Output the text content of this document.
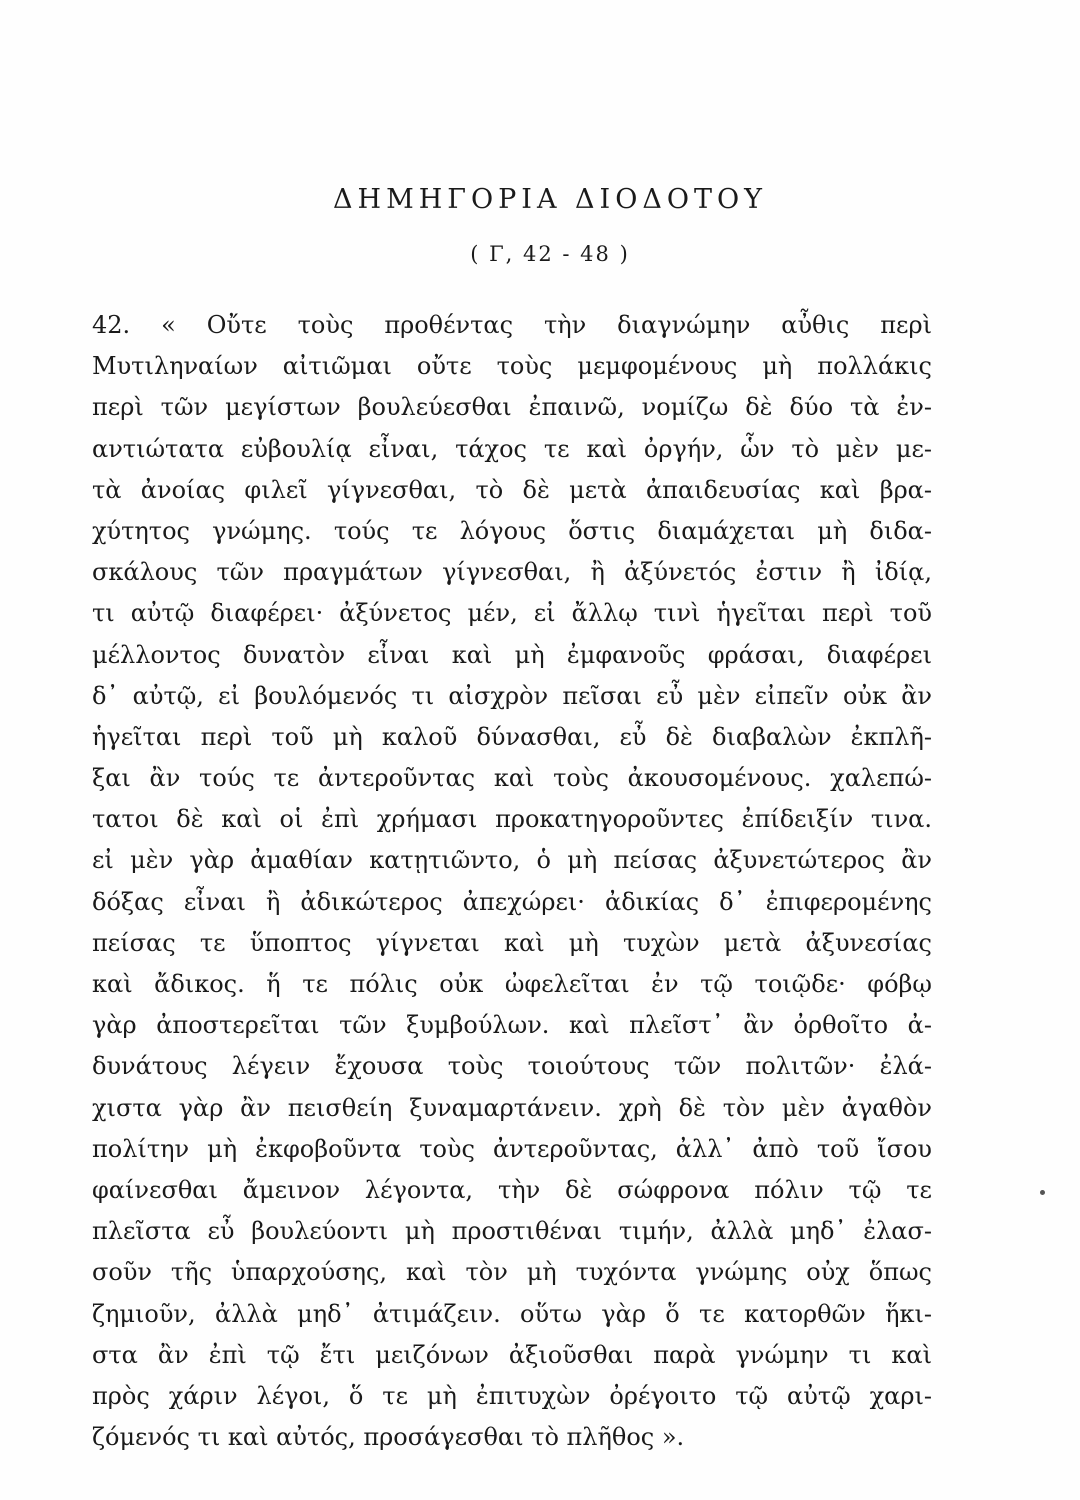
ΔΗΜΗΓΟΡΙΑ ΔΙΟΔΟΤΟΥ
( Γ, 42 - 48 )
42. « Οὔτε τοὺς προθέντας τὴν διαγνώμην αὖθις περὶ
Μυτιληναίων αἰτιῶμαι οὔτε τοὺς μεμφομένους μὴ πολλάκις
περὶ τῶν μεγίστων βουλεύεσθαι ἐπαινῶ, νομίζω δὲ δύο τὰ ἐν-
αντιώτατα εὐβουλίᾳ εἶναι, τάχος τε καὶ ὀργήν, ὧν τὸ μὲν με-
τὰ ἀνοίας φιλεῖ γίγνεσθαι, τὸ δὲ μετὰ ἀπαιδευσίας καὶ βρα-
χύτητος γνώμης. τούς τε λόγους ὅστις διαμάχεται μὴ διδα-
σκάλους τῶν πραγμάτων γίγνεσθαι, ἢ ἀξύνετός ἐστιν ἢ ἰδίᾳ,
τι αὐτῷ διαφέρει· ἀξύνετος μέν, εἰ ἄλλῳ τινὶ ἡγεῖται περὶ τοῦ
μέλλοντος δυνατὸν εἶναι καὶ μὴ ἐμφανοῦς φράσαι, διαφέρει
δ᾿ αὐτῷ, εἰ βουλόμενός τι αἰσχρὸν πεῖσαι εὖ μὲν εἰπεῖν οὐκ ἂν
ἡγεῖται περὶ τοῦ μὴ καλοῦ δύνασθαι, εὖ δὲ διαβαλὼν ἐκπλῆ-
ξαι ἂν τούς τε ἀντεροῦντας καὶ τοὺς ἀκουσομένους. χαλεπώ-
τατοι δὲ καὶ οἱ ἐπὶ χρήμασι προκατηγοροῦντες ἐπίδειξίν τινα.
εἰ μὲν γὰρ ἀμαθίαν κατῃτιῶντο, ὁ μὴ πείσας ἀξυνετώτερος ἂν
δόξας εἶναι ἢ ἀδικώτερος ἀπεχώρει· ἀδικίας δ᾿ ἐπιφερομένης
πείσας τε ὕποπτος γίγνεται καὶ μὴ τυχὼν μετὰ ἀξυνεσίας
καὶ ἄδικος. ἥ τε πόλις οὐκ ὠφελεῖται ἐν τῷ τοιῷδε· φόβῳ
γὰρ ἀποστερεῖται τῶν ξυμβούλων. καὶ πλεῖστ᾿ ἂν ὀρθοῖτο ἀ-
δυνάτους λέγειν ἔχουσα τοὺς τοιούτους τῶν πολιτῶν· ἐλά-
χιστα γὰρ ἂν πεισθείη ξυναμαρτάνειν. χρὴ δὲ τὸν μὲν ἀγαθὸν
πολίτην μὴ ἐκφοβοῦντα τοὺς ἀντεροῦντας, ἀλλ᾿ ἀπὸ τοῦ ἴσου
φαίνεσθαι ἄμεινον λέγοντα, τὴν δὲ σώφρονα πόλιν τῷ τε
πλεῖστα εὖ βουλεύοντι μὴ προστιθέναι τιμήν, ἀλλὰ μηδ᾿ ἐλασ-
σοῦν τῆς ὑπαρχούσης, καὶ τὸν μὴ τυχόντα γνώμης οὐχ ὅπως
ζημιοῦν, ἀλλὰ μηδ᾿ ἀτιμάζειν. οὕτω γὰρ ὅ τε κατορθῶν ἥκι-
στα ἂν ἐπὶ τῷ ἔτι μειζόνων ἀξιοῦσθαι παρὰ γνώμην τι καὶ
πρὸς χάριν λέγοι, ὅ τε μὴ ἐπιτυχὼν ὀρέγοιτο τῷ αὐτῷ χαρι-
ζόμενός τι καὶ αὐτός, προσάγεσθαι τὸ πλῆθος ».
